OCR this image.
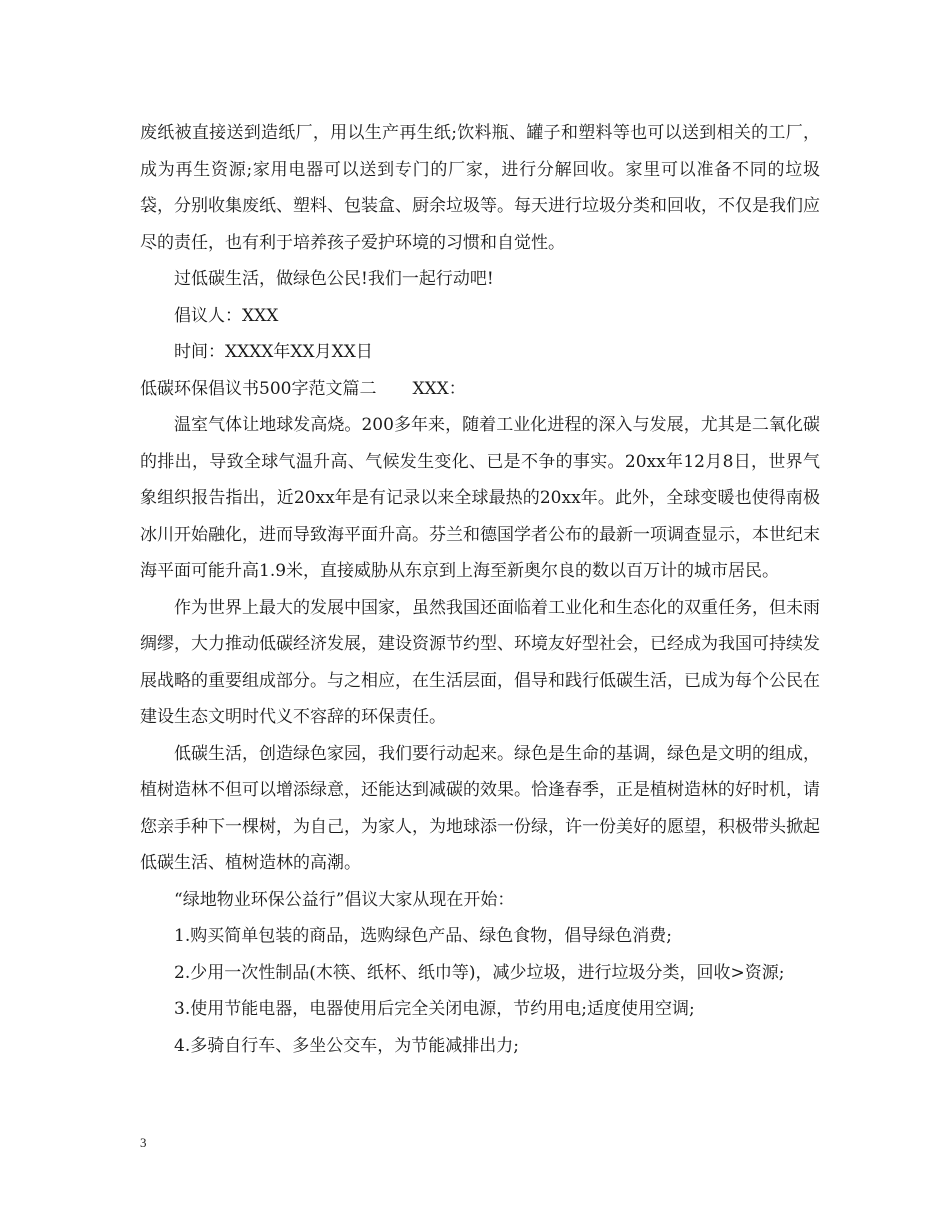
废纸被直接送到造纸厂，用以生产再生纸;饮料瓶、罐子和塑料等也可以送到相关的工厂，成为再生资源;家用电器可以送到专门的厂家，进行分解回收。家里可以准备不同的垃圾袋，分别收集废纸、塑料、包装盒、厨余垃圾等。每天进行垃圾分类和回收，不仅是我们应尽的责任，也有利于培养孩子爱护环境的习惯和自觉性。

过低碳生活，做绿色公民!我们一起行动吧!

倡议人：XXX

时间：XXXX年XX月XX日

低碳环保倡议书500字范文篇二 XXX：

温室气体让地球发高烧。200多年来，随着工业化进程的深入与发展，尤其是二氧化碳的排出，导致全球气温升高、气候发生变化、已是不争的事实。20xx年12月8日，世界气象组织报告指出，近20xx年是有记录以来全球最热的20xx年。此外，全球变暖也使得南极冰川开始融化，进而导致海平面升高。芬兰和德国学者公布的最新一项调查显示，本世纪末海平面可能升高1.9米，直接威胁从东京到上海至新奥尔良的数以百万计的城市居民。

作为世界上最大的发展中国家，虽然我国还面临着工业化和生态化的双重任务，但未雨绸缪，大力推动低碳经济发展，建设资源节约型、环境友好型社会，已经成为我国可持续发展战略的重要组成部分。与之相应，在生活层面，倡导和践行低碳生活，已成为每个公民在建设生态文明时代义不容辞的环保责任。

低碳生活，创造绿色家园，我们要行动起来。绿色是生命的基调，绿色是文明的组成，植树造林不但可以增添绿意，还能达到减碳的效果。恰逢春季，正是植树造林的好时机，请您亲手种下一棵树，为自己，为家人，为地球添一份绿，许一份美好的愿望，积极带头掀起低碳生活、植树造林的高潮。

“绿地物业环保公益行”倡议大家从现在开始：

1.购买简单包装的商品，选购绿色产品、绿色食物，倡导绿色消费;

2.少用一次性制品(木筷、纸杯、纸巾等)，减少垃圾，进行垃圾分类，回收>资源;

3.使用节能电器，电器使用后完全关闭电源，节约用电;适度使用空调;

4.多骑自行车、多坐公交车，为节能减排出力;

3
